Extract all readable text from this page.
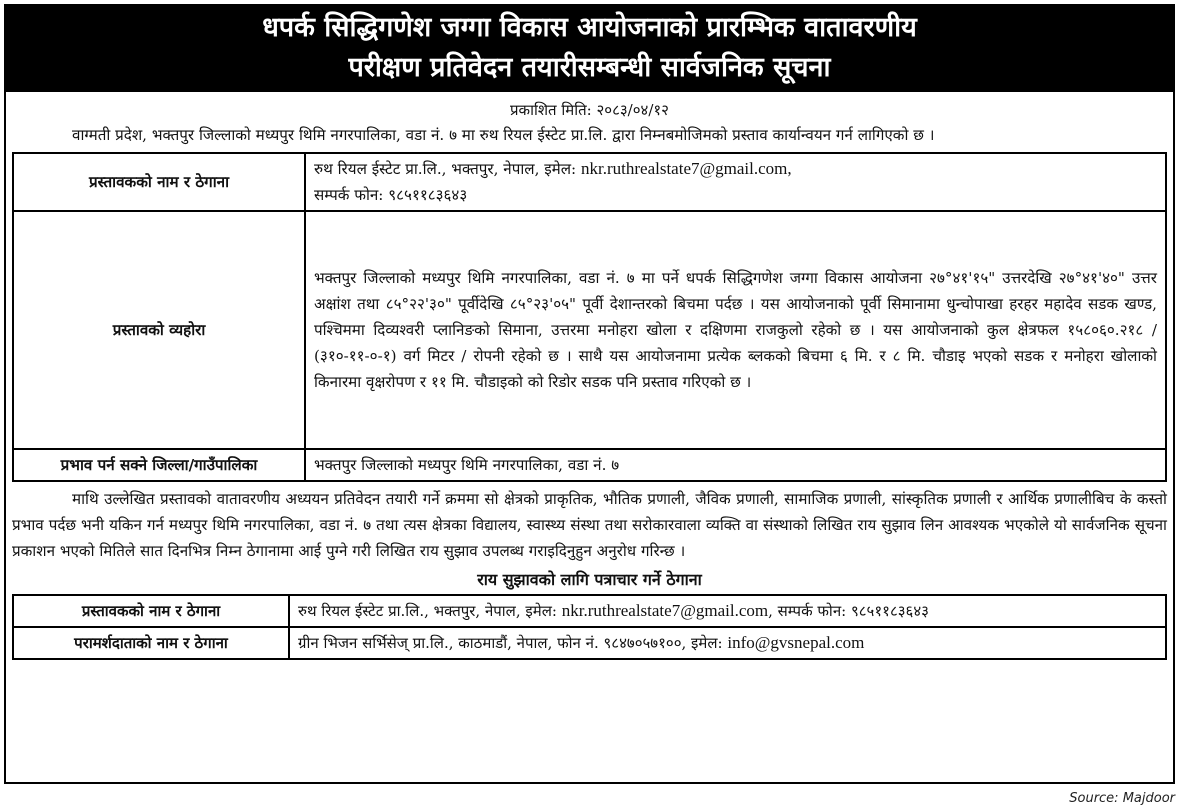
धपर्क सिद्धिगणेश जग्गा विकास आयोजनाको प्रारम्भिक वातावरणीय
परीक्षण प्रतिवेदन तयारीसम्बन्धी सार्वजनिक सूचना
प्रकाशित मिति: २०८३/०४/१२

वाग्मती प्रदेश, भक्तपुर जिल्लाको मध्यपुर थिमि नगरपालिका, वडा नं. ७ मा रुथ रियल ईस्टेट प्रा.लि. द्वारा निम्नबमोजिमको प्रस्ताव कार्यान्वयन गर्न लागिएको छ ।

प्रस्तावकको नाम र ठेगाना	रुथ रियल ईस्टेट प्रा.लि., भक्तपुर, नेपाल, इमेल: nkr.ruthrealstate7@gmail.com,
सम्पर्क फोन: ९८५११८३६४३
प्रस्तावको व्यहोरा	भक्तपुर जिल्लाको मध्यपुर थिमि नगरपालिका, वडा नं. ७ मा पर्ने धपर्क सिद्धिगणेश जग्गा विकास आयोजना २७°४१'१५" उत्तरदेखि २७°४१'४०" उत्तर अक्षांश तथा ८५°२२'३०" पूर्वीदेखि ८५°२३'०५" पूर्वी देशान्तरको बिचमा पर्दछ । यस आयोजनाको पूर्वी सिमानामा धुन्चोपाखा हरहर महादेव सडक खण्ड, पश्चिममा दिव्यश्वरी प्लानिङको सिमाना, उत्तरमा मनोहरा खोला र दक्षिणमा राजकुलो रहेको छ । यस आयोजनाको कुल क्षेत्रफल १५८०६०.२१८ / (३१०-११-०-१) वर्ग मिटर / रोपनी रहेको छ । साथै यस आयोजनामा प्रत्येक ब्लकको बिचमा ६ मि. र ८ मि. चौडाइ भएको सडक र मनोहरा खोलाको किनारमा वृक्षरोपण र ११ मि. चौडाइको को रिडोर सडक पनि प्रस्ताव गरिएको छ ।
प्रभाव पर्न सक्ने जिल्ला/गाउँपालिका	भक्तपुर जिल्लाको मध्यपुर थिमि नगरपालिका, वडा नं. ७

माथि उल्लेखित प्रस्तावको वातावरणीय अध्ययन प्रतिवेदन तयारी गर्ने क्रममा सो क्षेत्रको प्राकृतिक, भौतिक प्रणाली, जैविक प्रणाली, सामाजिक प्रणाली, सांस्कृतिक प्रणाली र आर्थिक प्रणालीबिच के कस्तो प्रभाव पर्दछ भनी यकिन गर्न मध्यपुर थिमि नगरपालिका, वडा नं. ७ तथा त्यस क्षेत्रका विद्यालय, स्वास्थ्य संस्था तथा सरोकारवाला व्यक्ति वा संस्थाको लिखित राय सुझाव लिन आवश्यक भएकोले यो सार्वजनिक सूचना प्रकाशन भएको मितिले सात दिनभित्र निम्न ठेगानामा आई पुग्ने गरी लिखित राय सुझाव उपलब्ध गराइदिनुहुन अनुरोध गरिन्छ ।

राय सुझावको लागि पत्राचार गर्ने ठेगाना
प्रस्तावकको नाम र ठेगाना	रुथ रियल ईस्टेट प्रा.लि., भक्तपुर, नेपाल, इमेल: nkr.ruthrealstate7@gmail.com, सम्पर्क फोन: ९८५११८३६४३
परामर्शदाताको नाम र ठेगाना	ग्रीन भिजन सर्भिसेज् प्रा.लि., काठमाडौं, नेपाल, फोन नं. ९८४७०५७१००, इमेल: info@gvsnepal.com
Source: Majdoor
